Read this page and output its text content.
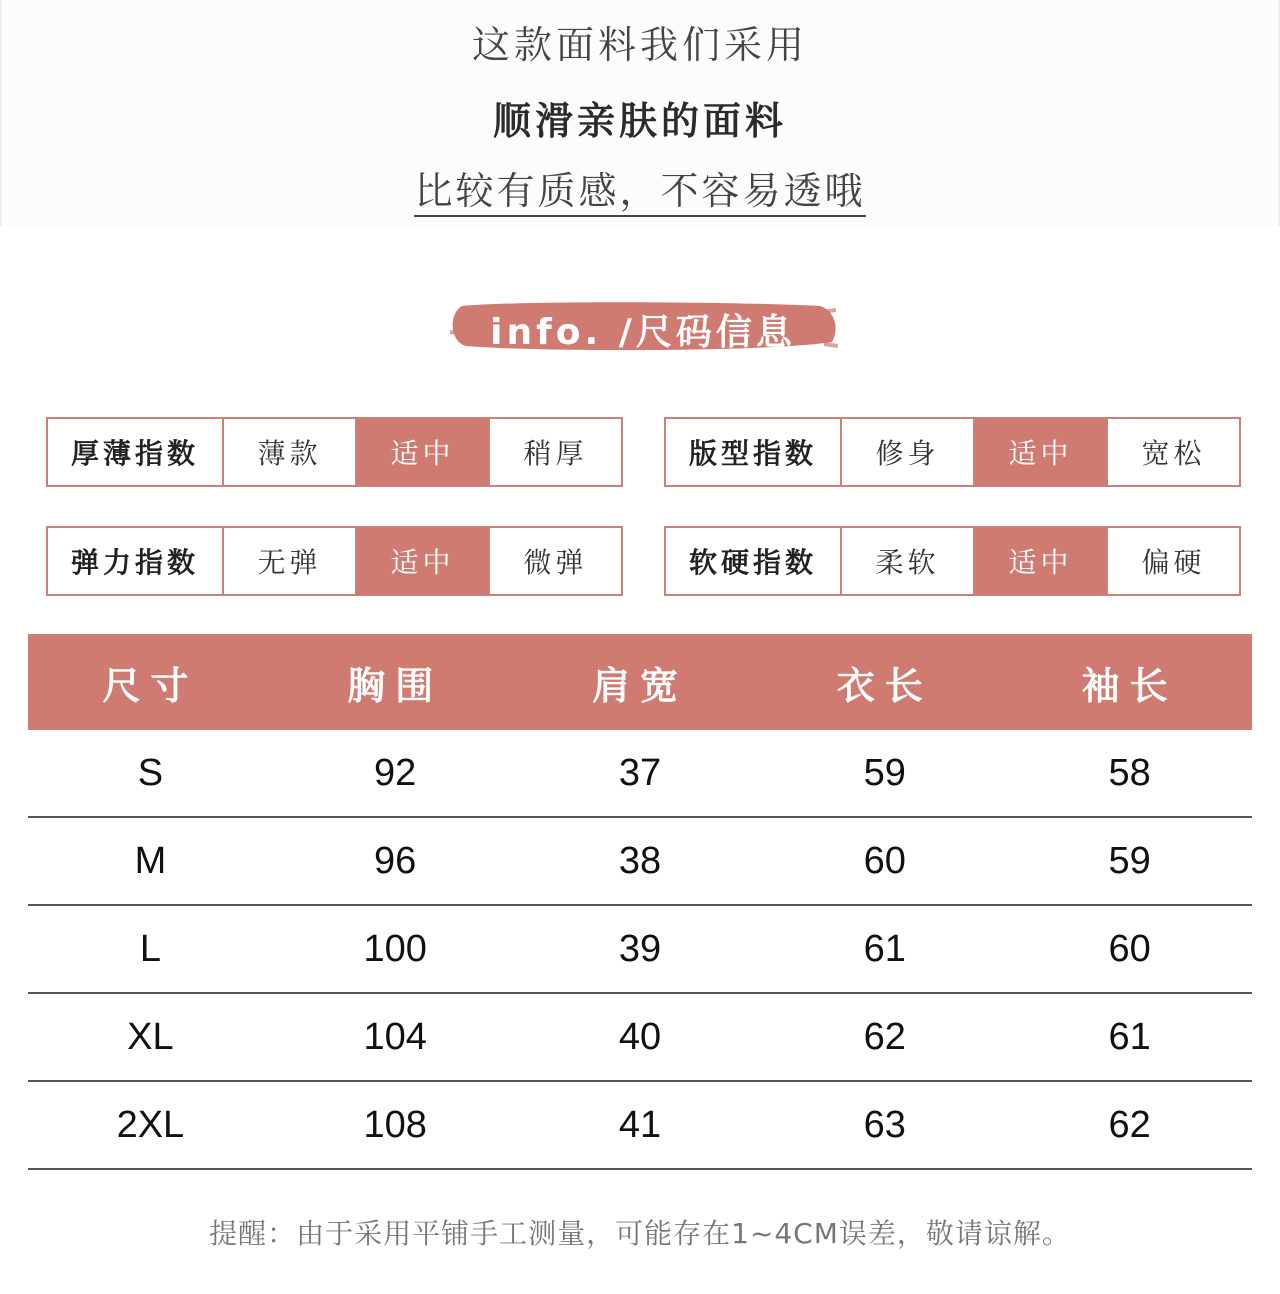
这款面料我们采用
顺滑亲肤的面料
比较有质感，不容易透哦
info. /尺码信息
厚薄指数	薄款	适中	稍厚	版型指数	修身	适中	宽松
弹力指数	无弹	适中	微弹	软硬指数	柔软	适中	偏硬
尺寸	胸围	肩宽	衣长	袖长
S	92	37	59	58
M	96	38	60	59
L	100	39	61	60
XL	104	40	62	61
2XL	108	41	63	62
提醒：由于采用平铺手工测量，可能存在1~4CM误差，敬请谅解。
